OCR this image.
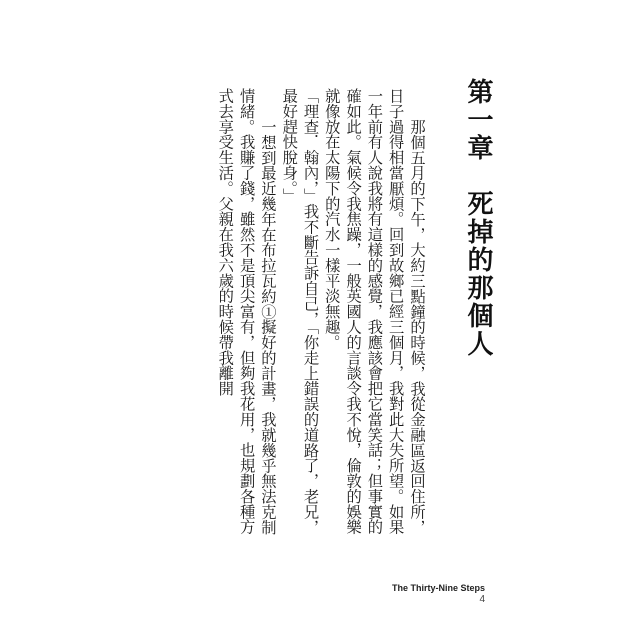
第一章　死掉的那個人

那個五月的下午，大約三點鐘的時候，我從金融區返回住所，日子過得相當厭煩。回到故鄉已經三個月，我對此大失所望。如果一年前有人說我將有這樣的感覺，我應該會把它當笑話；但事實的確如此。氣候令我焦躁，一般英國人的言談令我不悅，倫敦的娛樂就像放在太陽下的汽水一樣平淡無趣。

「理查．翰內，」我不斷告訴自己，「你走上錯誤的道路了，老兄，最好趕快脫身。」

一想到最近幾年在布拉瓦約①擬好的計畫，我就幾乎無法克制情緒。我賺了錢，雖然不是頂尖富有，但夠我花用，也規劃各種方式去享受生活。父親在我六歲的時候帶我離開

The Thirty-Nine Steps
4
